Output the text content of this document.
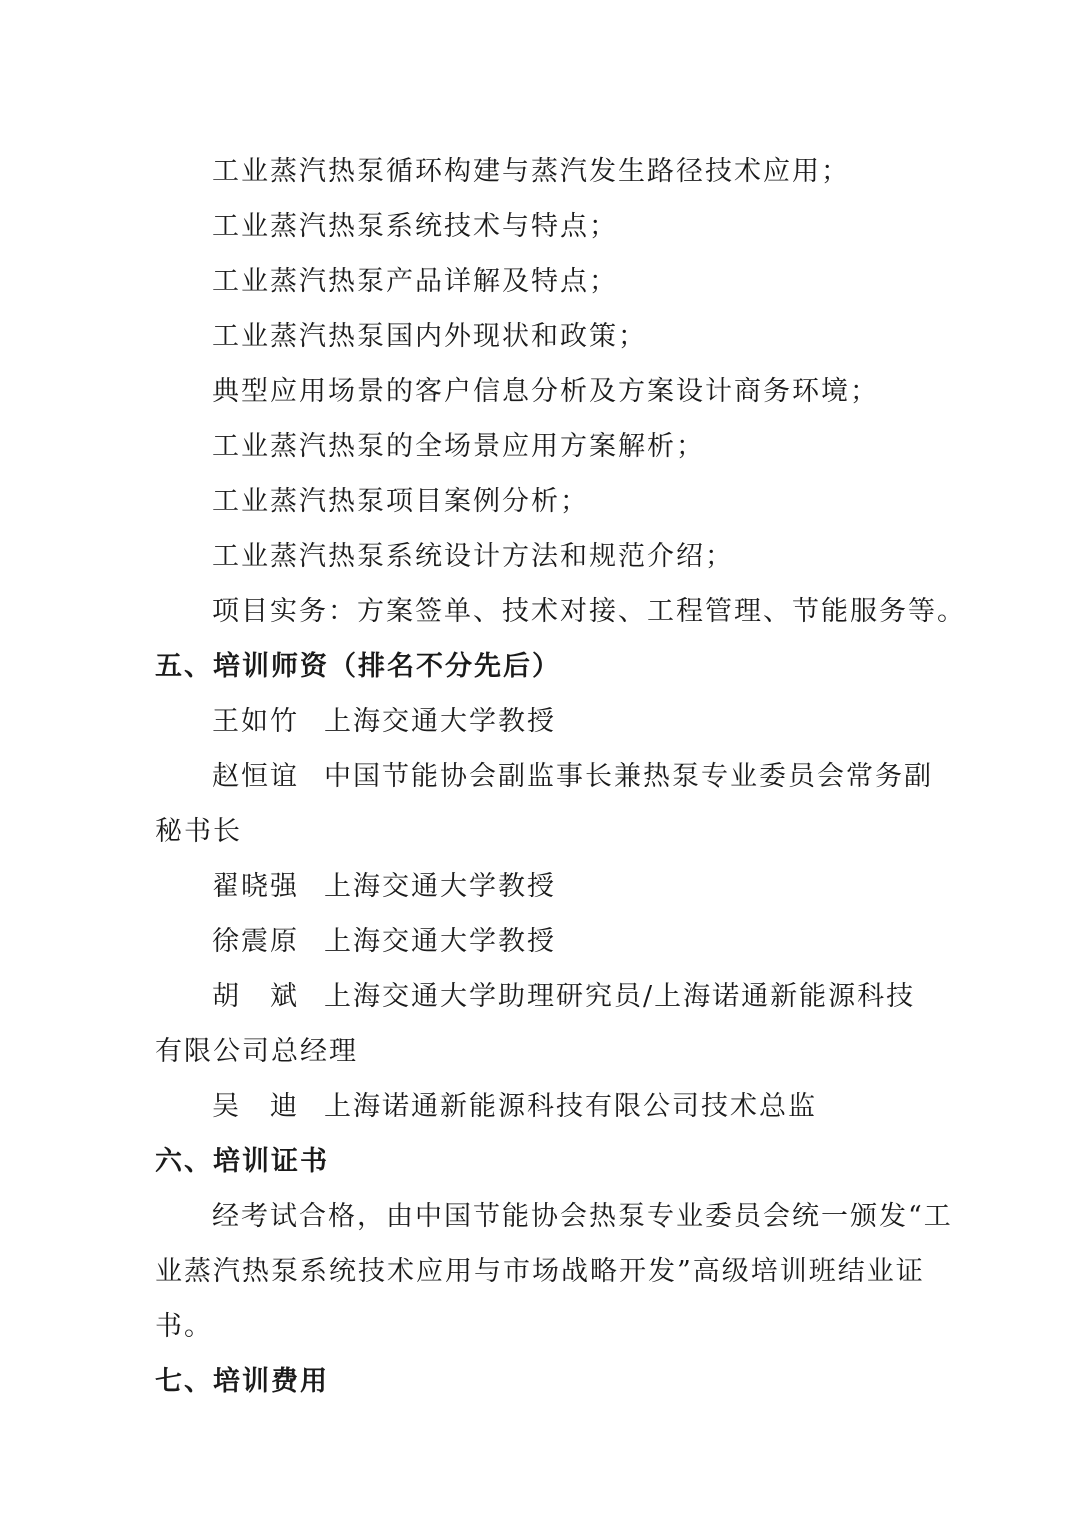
工业蒸汽热泵循环构建与蒸汽发生路径技术应用；
工业蒸汽热泵系统技术与特点；
工业蒸汽热泵产品详解及特点；
工业蒸汽热泵国内外现状和政策；
典型应用场景的客户信息分析及方案设计商务环境；
工业蒸汽热泵的全场景应用方案解析；
工业蒸汽热泵项目案例分析；
工业蒸汽热泵系统设计方法和规范介绍；
项目实务：方案签单、技术对接、工程管理、节能服务等。
五、培训师资（排名不分先后）
王如竹 上海交通大学教授
赵恒谊 中国节能协会副监事长兼热泵专业委员会常务副
秘书长
翟晓强 上海交通大学教授
徐震原 上海交通大学教授
胡　斌 上海交通大学助理研究员/上海诺通新能源科技
有限公司总经理
吴　迪 上海诺通新能源科技有限公司技术总监
六、培训证书
经考试合格，由中国节能协会热泵专业委员会统一颁发“工
业蒸汽热泵系统技术应用与市场战略开发”高级培训班结业证
书。
七、培训费用
